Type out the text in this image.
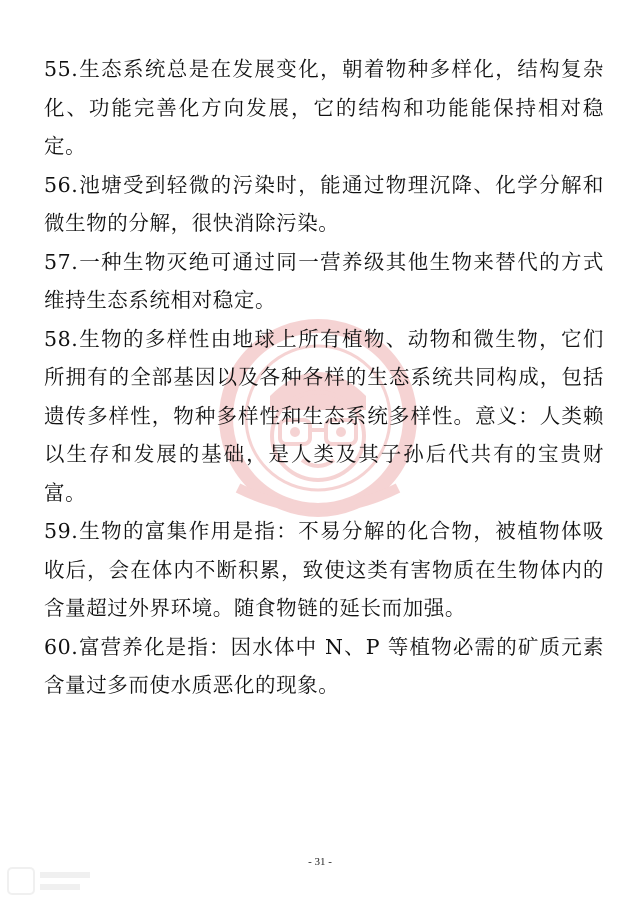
55.生态系统总是在发展变化，朝着物种多样化，结构复杂化、功能完善化方向发展，它的结构和功能能保持相对稳定。

56.池塘受到轻微的污染时，能通过物理沉降、化学分解和微生物的分解，很快消除污染。

57.一种生物灭绝可通过同一营养级其他生物来替代的方式维持生态系统相对稳定。

58.生物的多样性由地球上所有植物、动物和微生物，它们所拥有的全部基因以及各种各样的生态系统共同构成，包括遗传多样性，物种多样性和生态系统多样性。意义：人类赖以生存和发展的基础，是人类及其子孙后代共有的宝贵财富。

59.生物的富集作用是指：不易分解的化合物，被植物体吸收后，会在体内不断积累，致使这类有害物质在生物体内的含量超过外界环境。随食物链的延长而加强。

60.富营养化是指：因水体中 N、P 等植物必需的矿质元素含量过多而使水质恶化的现象。

- 31 -
